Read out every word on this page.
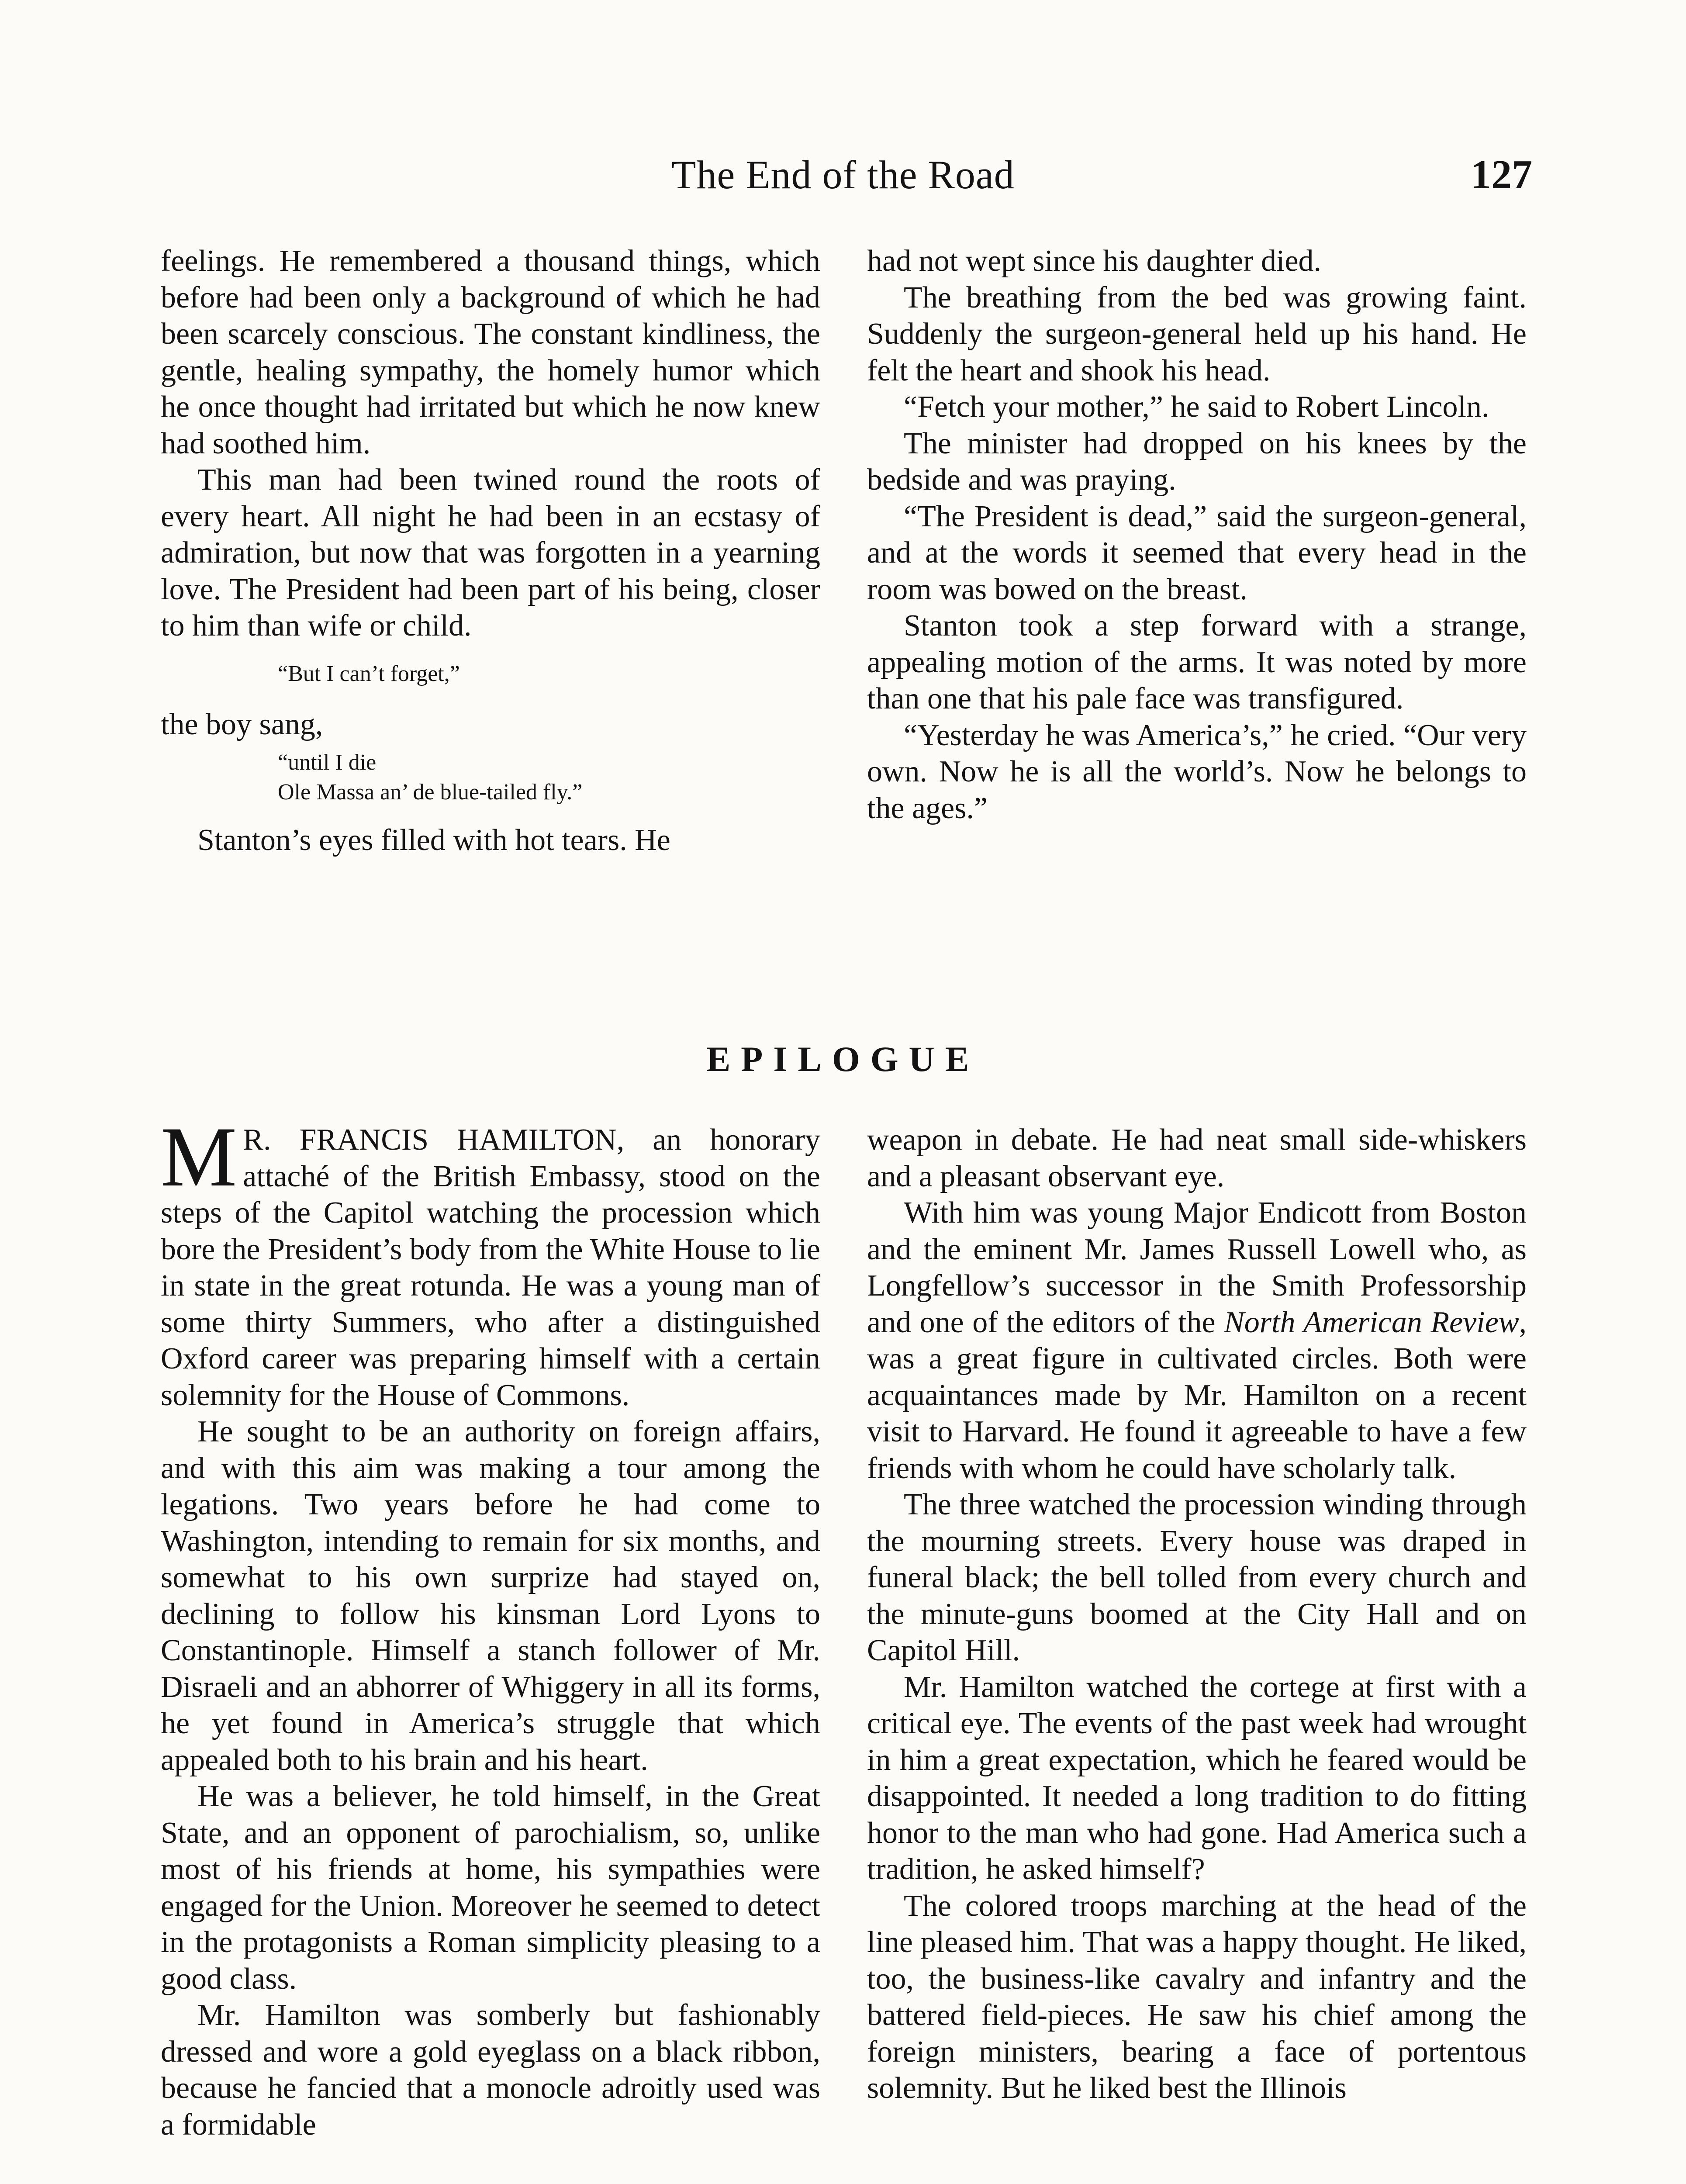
The End of the Road	127

feelings. He remembered a thousand things, which before had been only a background of which he had been scarcely conscious. The constant kindliness, the gentle, healing sympathy, the homely humor which he once thought had irritated but which he now knew had soothed him.

This man had been twined round the roots of every heart. All night he had been in an ecstasy of admiration, but now that was forgotten in a yearning love. The President had been part of his being, closer to him than wife or child.

“But I can’t forget,”

the boy sang,

“until I die
Ole Massa an’ de blue-tailed fly.”

Stanton’s eyes filled with hot tears. He

had not wept since his daughter died.

The breathing from the bed was growing faint. Suddenly the surgeon-general held up his hand. He felt the heart and shook his head.

“Fetch your mother,” he said to Robert Lincoln.

The minister had dropped on his knees by the bedside and was praying.

“The President is dead,” said the surgeon-general, and at the words it seemed that every head in the room was bowed on the breast.

Stanton took a step forward with a strange, appealing motion of the arms. It was noted by more than one that his pale face was transfigured.

“Yesterday he was America’s,” he cried. “Our very own. Now he is all the world’s. Now he belongs to the ages.”

EPILOGUE

M R. FRANCIS HAMILTON, an honorary attaché of the British Embassy, stood on the steps of the Capitol watching the procession which bore the President’s body from the White House to lie in state in the great rotunda. He was a young man of some thirty Summers, who after a distinguished Oxford career was preparing himself with a certain solemnity for the House of Commons.

He sought to be an authority on foreign affairs, and with this aim was making a tour among the legations. Two years before he had come to Washington, intending to remain for six months, and somewhat to his own surprize had stayed on, declining to follow his kinsman Lord Lyons to Constantinople. Himself a stanch follower of Mr. Disraeli and an abhorrer of Whiggery in all its forms, he yet found in America’s struggle that which appealed both to his brain and his heart.

He was a believer, he told himself, in the Great State, and an opponent of parochialism, so, unlike most of his friends at home, his sympathies were engaged for the Union. Moreover he seemed to detect in the protagonists a Roman simplicity pleasing to a good class.

Mr. Hamilton was somberly but fashionably dressed and wore a gold eyeglass on a black ribbon, because he fancied that a monocle adroitly used was a formidable

weapon in debate. He had neat small side-whiskers and a pleasant observant eye.

With him was young Major Endicott from Boston and the eminent Mr. James Russell Lowell who, as Longfellow’s successor in the Smith Professorship and one of the editors of the North American Review, was a great figure in cultivated circles. Both were acquaintances made by Mr. Hamilton on a recent visit to Harvard. He found it agreeable to have a few friends with whom he could have scholarly talk.

The three watched the procession winding through the mourning streets. Every house was draped in funeral black; the bell tolled from every church and the minute-guns boomed at the City Hall and on Capitol Hill.

Mr. Hamilton watched the cortege at first with a critical eye. The events of the past week had wrought in him a great expectation, which he feared would be disappointed. It needed a long tradition to do fitting honor to the man who had gone. Had America such a tradition, he asked himself?

The colored troops marching at the head of the line pleased him. That was a happy thought. He liked, too, the business-like cavalry and infantry and the battered field-pieces. He saw his chief among the foreign ministers, bearing a face of portentous solemnity. But he liked best the Illinois
